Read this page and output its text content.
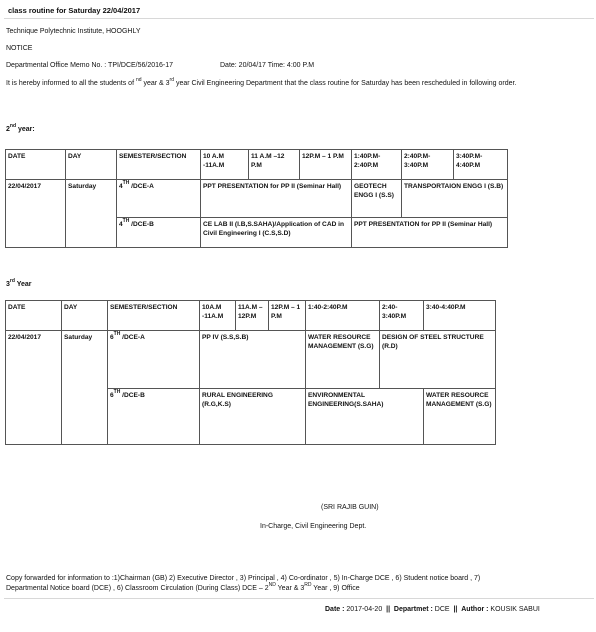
class routine for Saturday 22/04/2017
Technique Polytechnic Institute, HOOGHLY
NOTICE
Departmental Office Memo No. : TPI/DCE/56/2016-17	Date: 20/04/17 Time: 4:00 P.M
It is hereby informed to all the students of $^{nd}$ year & 3rd year Civil Engineering Department that the class routine for Saturday has been rescheduled in following order.
2nd year:
DATE	DAY	SEMESTER/SECTION	10 A.M -11A.M	11 A.M –12 P.M	12P.M – 1 P.M	1:40P.M- 2:40P.M	2:40P.M- 3:40P.M	3:40P.M- 4:40P.M
22/04/2017	Saturday	4TH /DCE-A	PPT PRESENTATION for PP II (Seminar Hall)			GEOTECH ENGG I (S.S)	TRANSPORTAION ENGG I (S.B)	
		4TH /DCE-B	CE LAB II (I.B,S.SAHA)/Application of CAD in Civil Engineering I (C.S,S.D)			PPT PRESENTATION for PP II (Seminar Hall)		
3rd Year
DATE	DAY	SEMESTER/SECTION	10A.M -11A.M	11A.M – 12P.M	12P.M – 1 P.M	1:40-2:40P.M	2:40- 3:40P.M	3:40-4:40P.M
22/04/2017	Saturday	6TH /DCE-A	PP IV (S.S,S.B)			WATER RESOURCE MANAGEMENT (S.G)	DESIGN OF STEEL STRUCTURE (R.D)	
		6TH /DCE-B	RURAL ENGINEERING (R.G,K.S)			ENVIRONMENTAL ENGINEERING(S.SAHA)		WATER RESOURCE MANAGEMENT (S.G)
(SRI RAJIB GUIN)
In-Charge, Civil Engineering Dept.
Copy forwarded for information to :1)Chairman (GB) 2) Executive Director , 3) Principal , 4) Co-ordinator , 5) In-Charge DCE , 6) Student notice board , 7)
Departmental Notice board (DCE) , 6) Classroom Circulation (During Class) DCE – 2ND Year & 3RD Year , 9) Office
Date : 2017-04-20 || Departmet : DCE || Author : KOUSIK SABUI
